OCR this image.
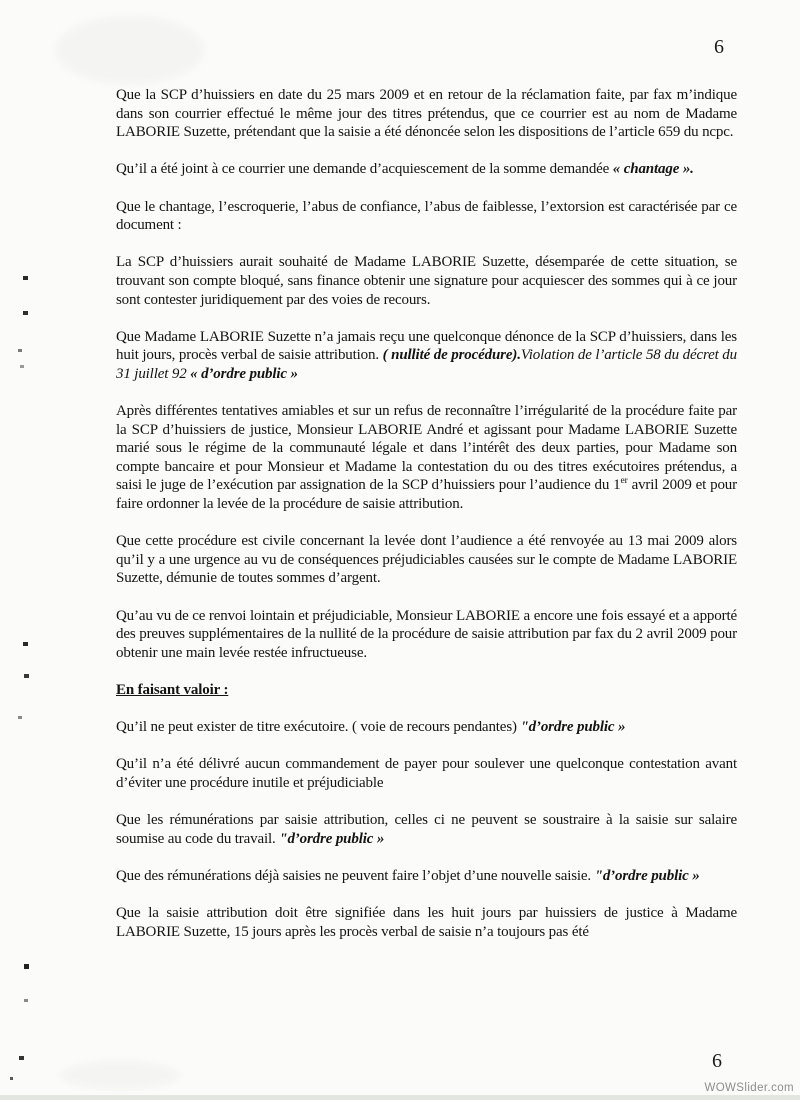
6

Que la SCP d’huissiers en date du 25 mars 2009 et en retour de la réclamation faite, par fax m’indique dans son courrier effectué le même jour des titres prétendus, que ce courrier est au nom de Madame LABORIE Suzette, prétendant que la saisie a été dénoncée selon les dispositions de l’article 659 du ncpc.

Qu’il a été joint à ce courrier une demande d’acquiescement de la somme demandée « chantage ».

Que le chantage, l’escroquerie, l’abus de confiance, l’abus de faiblesse, l’extorsion est caractérisée par ce document :

La SCP d’huissiers aurait souhaité de Madame LABORIE Suzette, désemparée de cette situation, se trouvant son compte bloqué, sans finance obtenir une signature pour acquiescer des sommes qui à ce jour sont contester juridiquement par des voies de recours.

Que Madame LABORIE Suzette n’a jamais reçu une quelconque dénonce de la SCP d’huissiers, dans les huit jours, procès verbal de saisie attribution. ( nullité de procédure).Violation de l’article 58 du décret du 31 juillet 92 « d’ordre public »

Après différentes tentatives amiables et sur un refus de reconnaître l’irrégularité de la procédure faite par la SCP d’huissiers de justice, Monsieur LABORIE André et agissant pour Madame LABORIE Suzette marié sous le régime de la communauté légale et dans l’intérêt des deux parties, pour Madame son compte bancaire et pour Monsieur et Madame la contestation du ou des titres exécutoires prétendus, a saisi le juge de l’exécution par assignation de la SCP d’huissiers pour l’audience du 1er avril 2009 et pour faire ordonner la levée de la procédure de saisie attribution.

Que cette procédure est civile concernant la levée dont l’audience a été renvoyée au 13 mai 2009 alors qu’il y a une urgence au vu de conséquences préjudiciables causées sur le compte de Madame LABORIE Suzette, démunie de toutes sommes d’argent.

Qu’au vu de ce renvoi lointain et préjudiciable, Monsieur LABORIE a encore une fois essayé et a apporté des preuves supplémentaires de la nullité de la procédure de saisie attribution par fax du 2 avril 2009 pour obtenir une main levée restée infructueuse.

En faisant valoir :

Qu’il ne peut exister de titre exécutoire. ( voie de recours pendantes) "d’ordre public »

Qu’il n’a été délivré aucun commandement de payer pour soulever une quelconque contestation avant d’éviter une procédure inutile et préjudiciable

Que les rémunérations par saisie attribution, celles ci ne peuvent se soustraire à la saisie sur salaire soumise au code du travail. "d’ordre public »

Que des rémunérations déjà saisies ne peuvent faire l’objet d’une nouvelle saisie. "d’ordre public »

Que la saisie attribution doit être signifiée dans les huit jours par huissiers de justice à Madame LABORIE Suzette, 15 jours après les procès verbal de saisie n’a toujours pas été

6
WOWSlider.com
